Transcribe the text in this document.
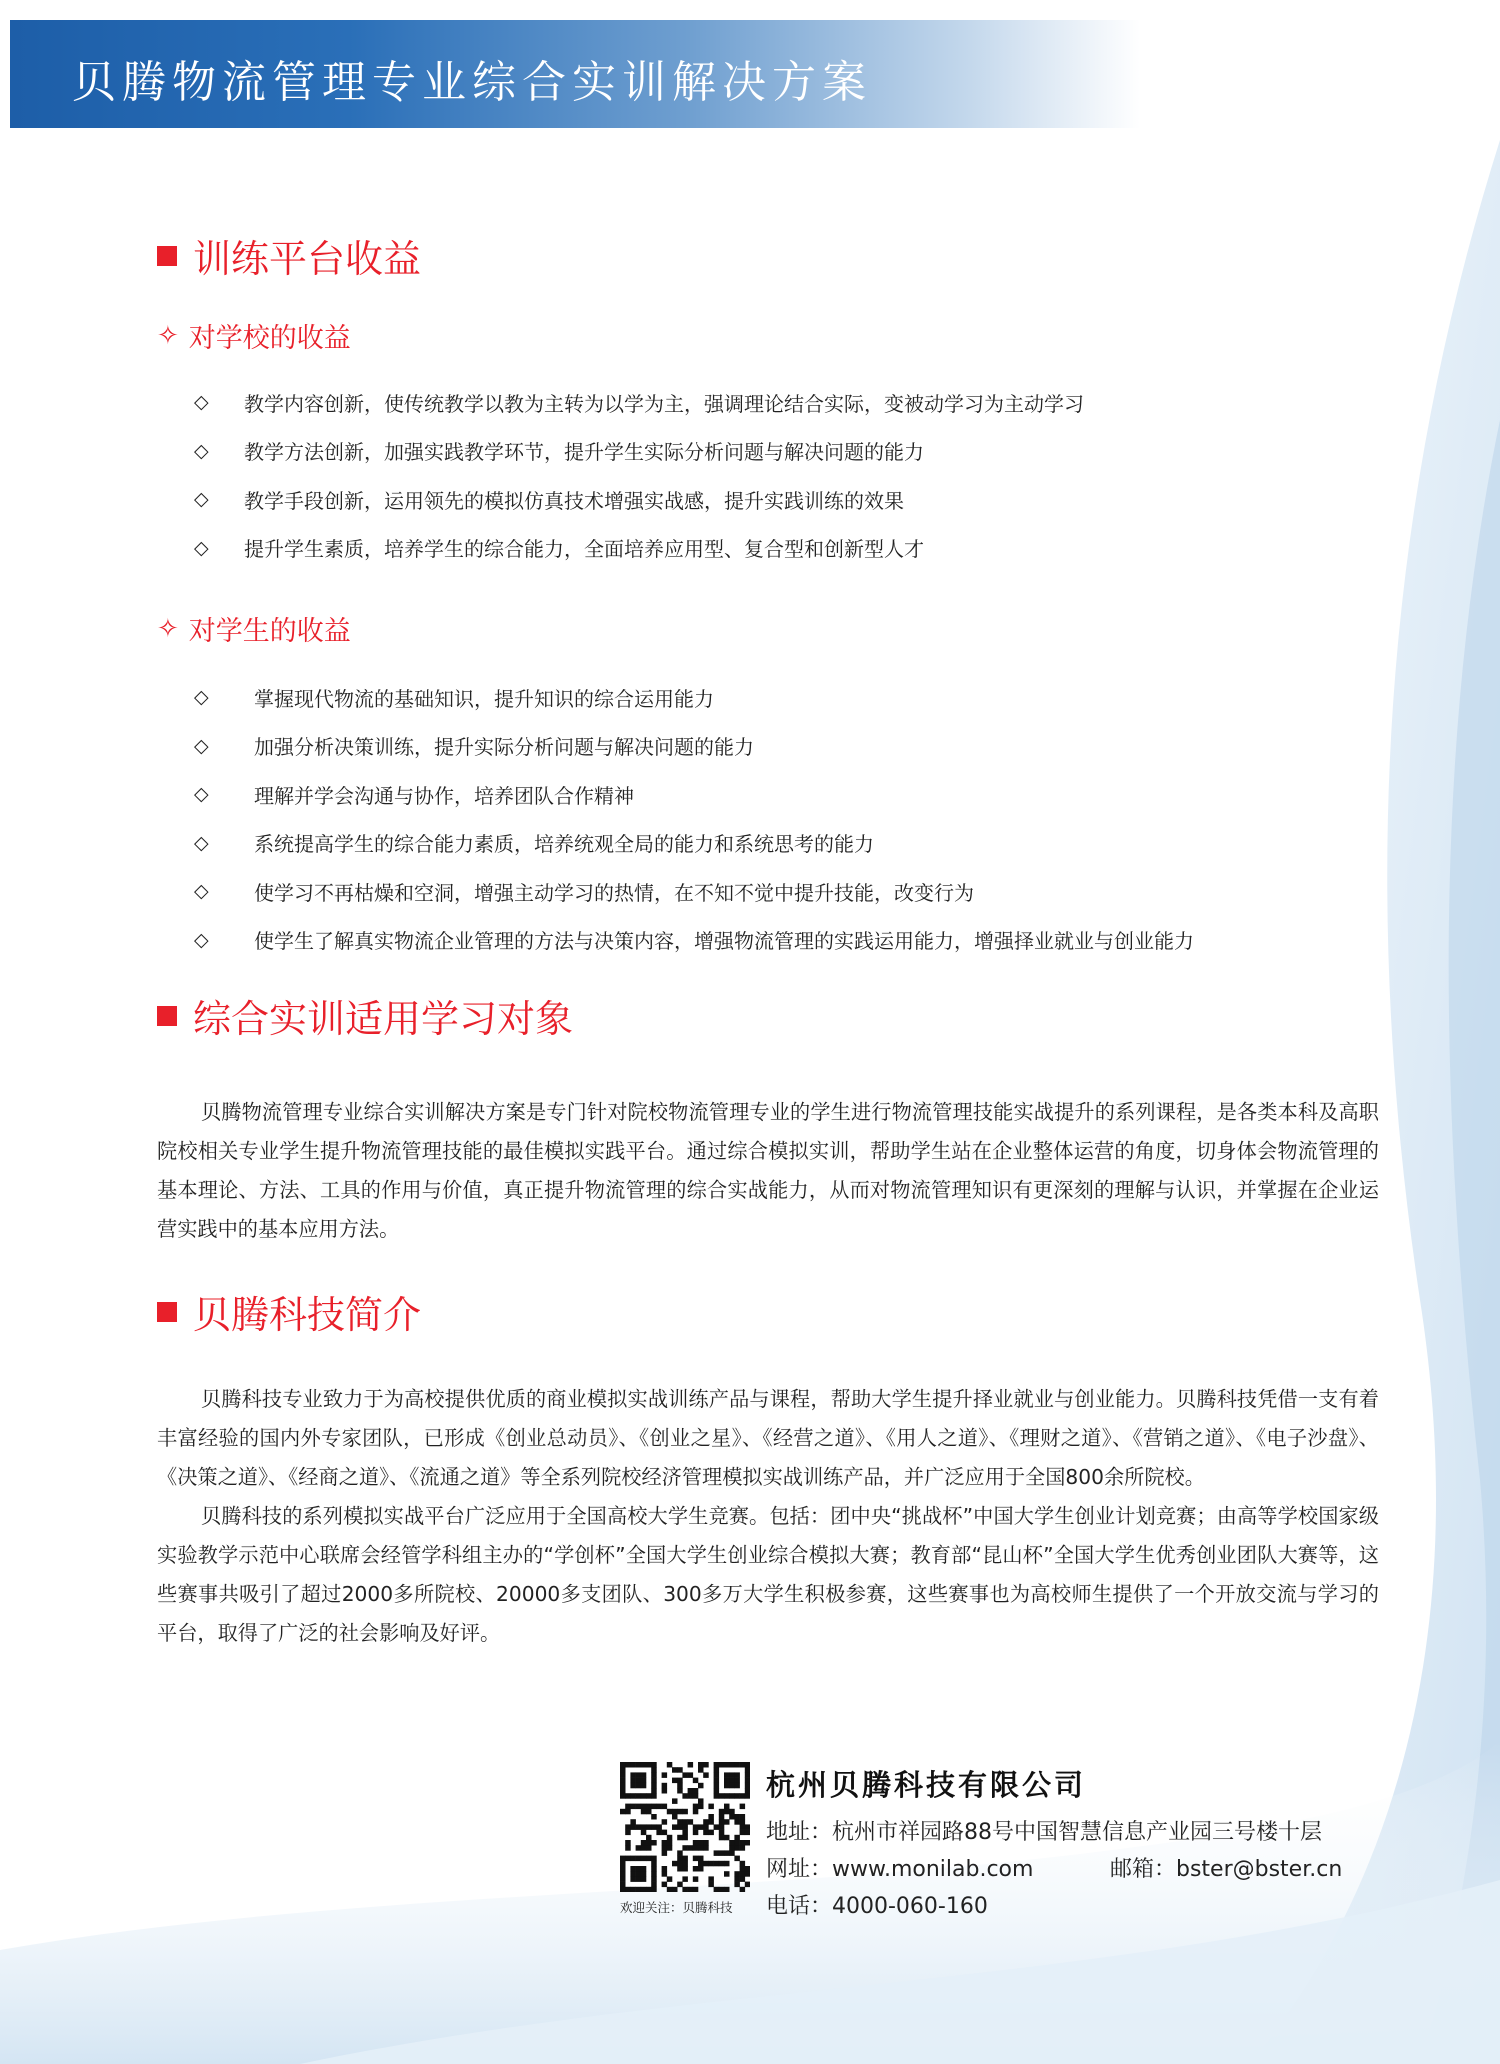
贝腾物流管理专业综合实训解决方案
训练平台收益
✧ 对学校的收益
◇ 教学内容创新，使传统教学以教为主转为以学为主，强调理论结合实际，变被动学习为主动学习
◇ 教学方法创新，加强实践教学环节，提升学生实际分析问题与解决问题的能力
◇ 教学手段创新，运用领先的模拟仿真技术增强实战感，提升实践训练的效果
◇ 提升学生素质，培养学生的综合能力，全面培养应用型、复合型和创新型人才
✧ 对学生的收益
◇ 掌握现代物流的基础知识，提升知识的综合运用能力
◇ 加强分析决策训练，提升实际分析问题与解决问题的能力
◇ 理解并学会沟通与协作，培养团队合作精神
◇ 系统提高学生的综合能力素质，培养统观全局的能力和系统思考的能力
◇ 使学习不再枯燥和空洞，增强主动学习的热情，在不知不觉中提升技能，改变行为
◇ 使学生了解真实物流企业管理的方法与决策内容，增强物流管理的实践运用能力，增强择业就业与创业能力
综合实训适用学习对象

贝腾物流管理专业综合实训解决方案是专门针对院校物流管理专业的学生进行物流管理技能实战提升的系列课程，是各类本科及高职院校相关专业学生提升物流管理技能的最佳模拟实践平台。通过综合模拟实训，帮助学生站在企业整体运营的角度，切身体会物流管理的基本理论、方法、工具的作用与价值，真正提升物流管理的综合实战能力，从而对物流管理知识有更深刻的理解与认识，并掌握在企业运营实践中的基本应用方法。

贝腾科技简介

贝腾科技专业致力于为高校提供优质的商业模拟实战训练产品与课程，帮助大学生提升择业就业与创业能力。贝腾科技凭借一支有着丰富经验的国内外专家团队，已形成《创业总动员》、《创业之星》、《经营之道》、《用人之道》、《理财之道》、《营销之道》、《电子沙盘》、《决策之道》、《经商之道》、《流通之道》等全系列院校经济管理模拟实战训练产品，并广泛应用于全国800余所院校。

贝腾科技的系列模拟实战平台广泛应用于全国高校大学生竞赛。包括：团中央“挑战杯”中国大学生创业计划竞赛；由高等学校国家级实验教学示范中心联席会经管学科组主办的“学创杯”全国大学生创业综合模拟大赛；教育部“昆山杯”全国大学生优秀创业团队大赛等，这些赛事共吸引了超过2000多所院校、20000多支团队、300多万大学生积极参赛，这些赛事也为高校师生提供了一个开放交流与学习的平台，取得了广泛的社会影响及好评。

欢迎关注：贝腾科技
杭州贝腾科技有限公司
地址：杭州市祥园路88号中国智慧信息产业园三号楼十层
网址：www.monilab.com	邮箱：bster@bster.cn
电话：4000-060-160
